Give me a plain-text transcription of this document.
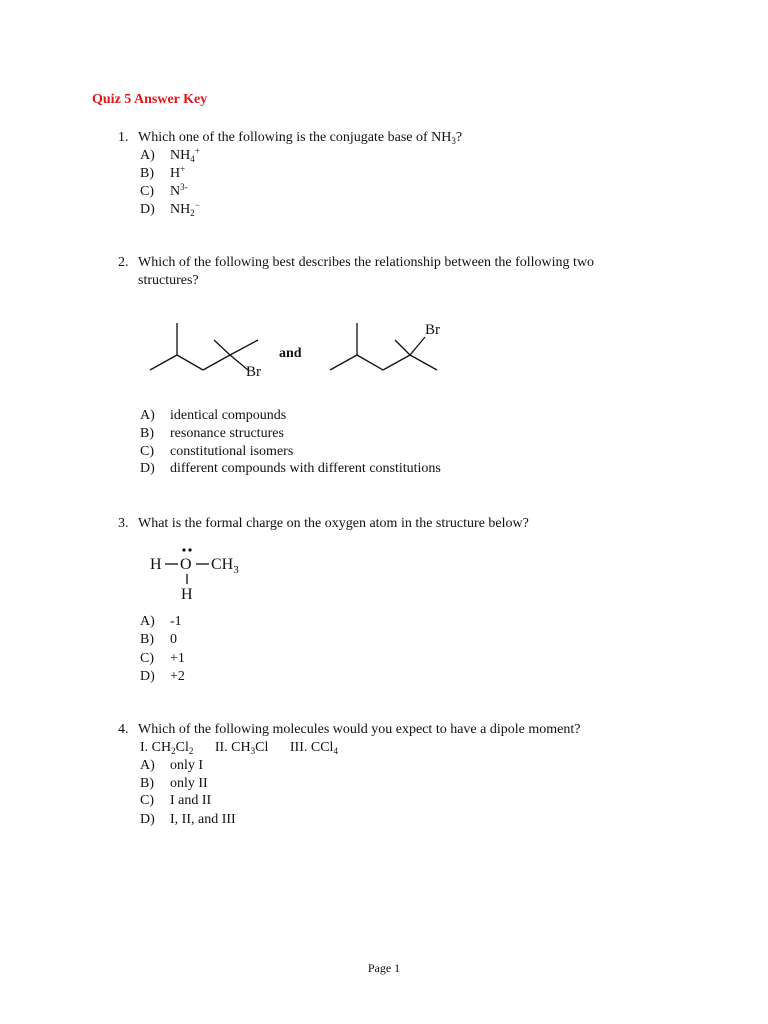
Quiz 5 Answer Key
1. Which one of the following is the conjugate base of $NH_3$?
A) $NH_4^+$
B) H+
C) $N^{3-}$
D) $NH_2^-$
2. Which of the following best describes the relationship between the following two
structures?
Br
and
Br
A) identical compounds
B) resonance structures
C) constitutional isomers
D) different compounds with different constitutions
3. What is the formal charge on the oxygen atom in the structure below?
H O $CH_3$
H
A) -1
B) 0
C) +1
D) +2
4. Which of the following molecules would you expect to have a dipole moment?
I. $CH_2Cl_2$ II. $CH_3Cl$ III. CCl$_4$
A) only I
B) only II
C) I and II
D) I, II, and III
Page 1
